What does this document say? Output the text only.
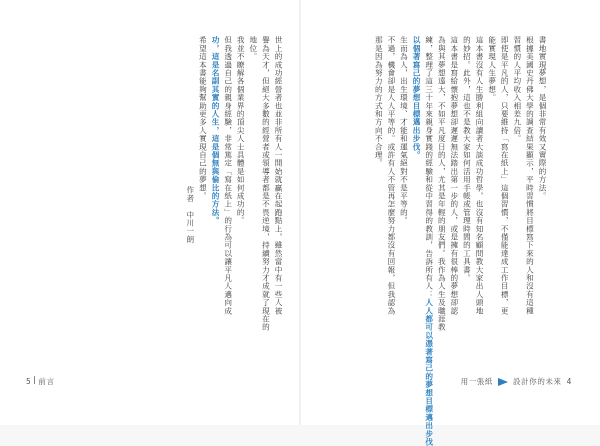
書地實現夢想，是個非常有效又實際的方法。

根據美國史丹佛大學的調查結果顯示，平時習慣將目標寫下來的人和沒有這種

習慣的人平均收入相差九倍。

即使是平凡的人，只要維持「寫在紙上」這個習慣，不僅能達成工作目標，更

能實現人生夢想。

這本書沒有人生勝利組向讀者大談成功哲學，也沒有知名顧問教大家出人頭地

的妙招。此外，這也不是教大家如何活用手帳或管理時間的工具書。

這本書是寫給懷抱夢想卻遲遲無法踏出第一步的人，或是擁有很棒的夢想卻認

為與其夢想遠大，不如平凡度日的人，尤其是年輕的朋友們。我作為人生及職涯教

練，整理了這三十年來親身實踐的經驗和從中習得的教訓，告訴所有人：人人都可以憑著寫己的夢想目標邁出步伐

以個著寫己的夢想目標邁出步伐。

生而為人，出生環境、才能和運氣絕對不是平等的。

不過，機會卻是人人平等的。或許有人不管再怎麼努力都沒有回報，但我認為

那是因為努力的方式和方向不合理。

用一張紙	設計你的未來 4

世上的成功經營者也並非所有人一開始就贏在起跑點上，雖然當中有一些人被

譽為天才，但絕大多數的經營者或領導者都是不畏逆境，持續努力才成就了現在的

地位。

我並不瞭解各個業界的頂尖人士具體是如何成功的。

但我透過自己的親身經驗，非常篤定「寫在紙上」的行為可以讓平凡人邁向成

功，這是名副其實的人生，這是個無與倫比的方法。

希望這本書能夠幫助更多人實現自己的夢想。

作者　中川一朗

5 前言
